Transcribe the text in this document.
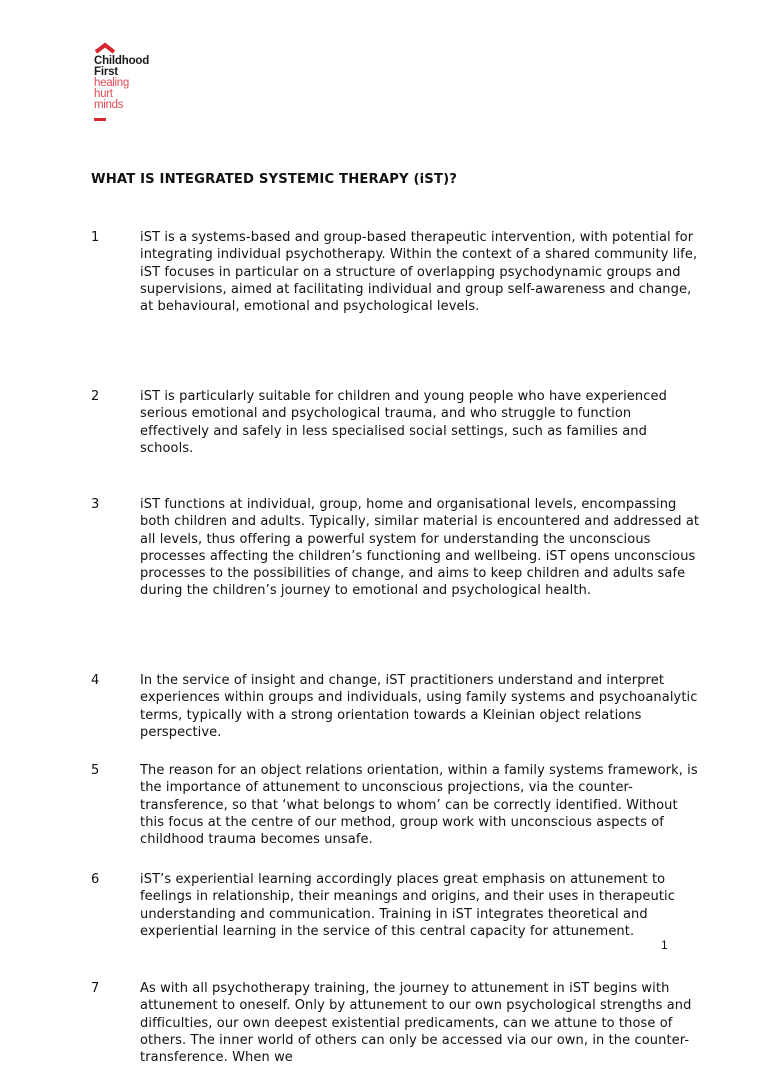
Childhood
First
healing
hurt
minds
WHAT IS INTEGRATED SYSTEMIC THERAPY (iST)?
1	iST is a systems-based and group-based therapeutic intervention, with potential for integrating individual psychotherapy. Within the context of a shared community life, iST focuses in particular on a structure of overlapping psychodynamic groups and supervisions, aimed at facilitating individual and group self-awareness and change, at behavioural, emotional and psychological levels.
2	iST is particularly suitable for children and young people who have experienced serious emotional and psychological trauma, and who struggle to function effectively and safely in less specialised social settings, such as families and schools.
3	iST functions at individual, group, home and organisational levels, encompassing both children and adults. Typically, similar material is encountered and addressed at all levels, thus offering a powerful system for understanding the unconscious processes affecting the children’s functioning and wellbeing. iST opens unconscious processes to the possibilities of change, and aims to keep children and adults safe during the children’s journey to emotional and psychological health.
4	In the service of insight and change, iST practitioners understand and interpret experiences within groups and individuals, using family systems and psychoanalytic terms, typically with a strong orientation towards a Kleinian object relations perspective.
5	The reason for an object relations orientation, within a family systems framework, is the importance of attunement to unconscious projections, via the counter-transference, so that ‘what belongs to whom’ can be correctly identified. Without this focus at the centre of our method, group work with unconscious aspects of childhood trauma becomes unsafe.
6	iST’s experiential learning accordingly places great emphasis on attunement to feelings in relationship, their meanings and origins, and their uses in therapeutic understanding and communication. Training in iST integrates theoretical and experiential learning in the service of this central capacity for attunement.
7	As with all psychotherapy training, the journey to attunement in iST begins with attunement to oneself. Only by attunement to our own psychological strengths and difficulties, our own deepest existential predicaments, can we attune to those of others. The inner world of others can only be accessed via our own, in the counter-transference. When we
1
